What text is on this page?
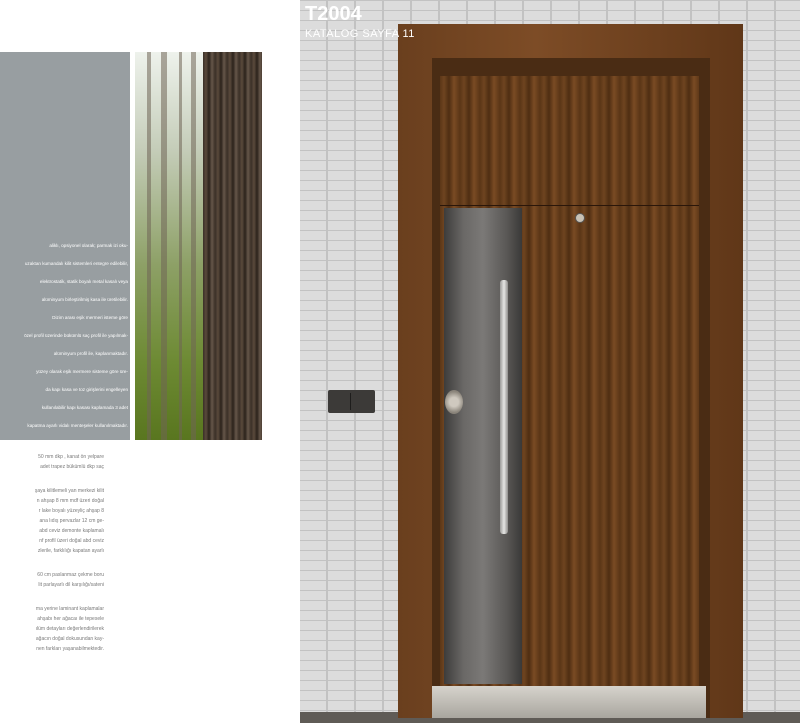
aliklı, opsiyonel olarak; parmak izi oku-
uzaktan kumandalı kilit sistemleri entegre edilebilir,
elektrostatik, statik boyalı metal kasalı veya
alüminyum birleştirilmiş kasa ile üretilebilir.
Dizim arası eşik mermeri isteme göre
özel profil üzerinde bükümlü saç profil ile yapılmak-
alüminyum profil ile, kaplanmaktadır.
yüzey olarak eşik mermere sisteme göre üre-
da kapı kasa ve toz girişlerini engelleyen
kullanılabilir kapı kasası kaplamada 3 adet
kapatma ayarlı vidalı menteşeler kullanılmaktadır.
sabit profiller ile çevrilmektedir, bu profiller
üretilmektedir ile üretilen kasalı pvc geçme
kasa sertaj için özel olarak üretilmektedir.
50 mm dkp , kanat ön yelpare
adet trapez bükümlü dkp saç
şaya kilitlemeli yan merkezi kilit
n ahşap 8 mm mdf üzeri doğal
r lake boyalı yüzeyliç ahşap 8
ana lıdış pervazlar 12 cm ge-
abd ceviz demonte kaplamalı
nf profil üzeri doğal abd ceviz
zlerile, farklılığı kapatan ayarlı
60 cm paslanmaz çekme boru
lit parlayarlı dil karşılığı/sateni
ma yerine laminant kaplamalar
ahşabı her ağacaı ile tepesele
ılüm detayları değerlendirilerek
ağacın doğal dokusundan kay-
nen farkları yaşanabilmektedir.
T2004
KATALOG SAYFA 11
